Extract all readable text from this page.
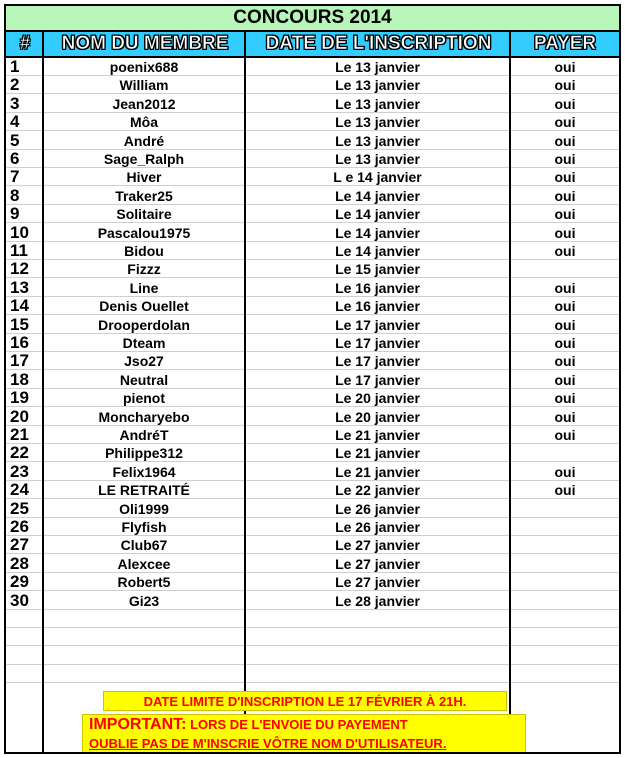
CONCOURS 2014
#	NOM DU MEMBRE	DATE DE L'INSCRIPTION	PAYER
1	poenix688	Le 13 janvier	oui
2	William	Le 13 janvier	oui
3	Jean2012	Le 13 janvier	oui
4	Môa	Le 13 janvier	oui
5	André	Le 13 janvier	oui
6	Sage_Ralph	Le 13 janvier	oui
7	Hiver	L e 14 janvier	oui
8	Traker25	Le 14 janvier	oui
9	Solitaire	Le 14 janvier	oui
10	Pascalou1975	Le 14 janvier	oui
11	Bidou	Le 14 janvier	oui
12	Fizzz	Le 15 janvier
13	Line	Le 16 janvier	oui
14	Denis Ouellet	Le 16 janvier	oui
15	Drooperdolan	Le 17 janvier	oui
16	Dteam	Le 17 janvier	oui
17	Jso27	Le 17 janvier	oui
18	Neutral	Le 17 janvier	oui
19	pienot	Le 20 janvier	oui
20	Moncharyebo	Le 20 janvier	oui
21	AndréT	Le 21 janvier	oui
22	Philippe312	Le 21 janvier
23	Felix1964	Le 21 janvier	oui
24	LE RETRAITÉ	Le 22 janvier	oui
25	Oli1999	Le 26 janvier
26	Flyfish	Le 26 janvier
27	Club67	Le 27 janvier
28	Alexcee	Le 27 janvier
29	Robert5	Le 27 janvier
30	Gi23	Le 28 janvier
DATE LIMITE D'INSCRIPTION LE 17 FÉVRIER À 21H.
IMPORTANT: LORS DE L'ENVOIE DU PAYEMENT
OUBLIE PAS DE M'INSCRIE VÔTRE NOM D'UTILISATEUR.
